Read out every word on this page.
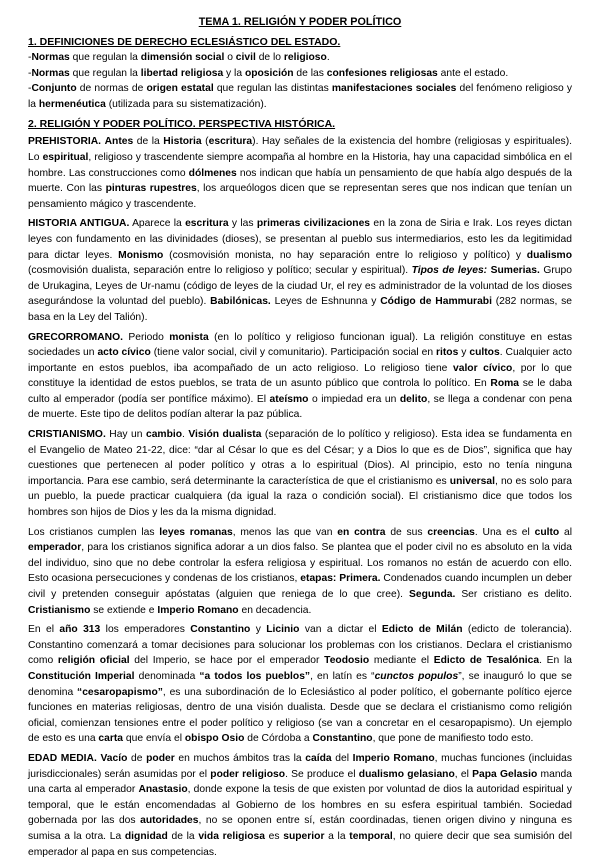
TEMA 1. RELIGIÓN Y PODER POLÍTICO
1. DEFINICIONES DE DERECHO ECLESIÁSTICO DEL ESTADO.
-Normas que regulan la dimensión social o civil de lo religioso.
-Normas que regulan la libertad religiosa y la oposición de las confesiones religiosas ante el estado.
-Conjunto de normas de origen estatal que regulan las distintas manifestaciones sociales del fenómeno religioso y la hermenéutica (utilizada para su sistematización).
2. RELIGIÓN Y PODER POLÍTICO. PERSPECTIVA HISTÓRICA.

PREHISTORIA. Antes de la Historia (escritura). Hay señales de la existencia del hombre (religiosas y espirituales). Lo espiritual, religioso y trascendente siempre acompaña al hombre en la Historia, hay una capacidad simbólica en el hombre. Las construcciones como dólmenes nos indican que había un pensamiento de que había algo después de la muerte. Con las pinturas rupestres, los arqueólogos dicen que se representan seres que nos indican que tenían un pensamiento mágico y trascendente.

HISTORIA ANTIGUA. Aparece la escritura y las primeras civilizaciones en la zona de Siria e Irak. Los reyes dictan leyes con fundamento en las divinidades (dioses), se presentan al pueblo sus intermediarios, esto les da legitimidad para dictar leyes. Monismo (cosmovisión monista, no hay separación entre lo religioso y político) y dualismo (cosmovisión dualista, separación entre lo religioso y político; secular y espiritual). Tipos de leyes: Sumerias. Grupo de Urukagina, Leyes de Ur-namu (código de leyes de la ciudad Ur, el rey es administrador de la voluntad de los dioses asegurándose la voluntad del pueblo). Babilónicas. Leyes de Eshnunna y Código de Hammurabi (282 normas, se basa en la Ley del Talión).

GRECORROMANO. Periodo monista (en lo político y religioso funcionan igual). La religión constituye en estas sociedades un acto cívico (tiene valor social, civil y comunitario). Participación social en ritos y cultos. Cualquier acto importante en estos pueblos, iba acompañado de un acto religioso. Lo religioso tiene valor cívico, por lo que constituye la identidad de estos pueblos, se trata de un asunto público que controla lo político. En Roma se le daba culto al emperador (podía ser pontífice máximo). El ateísmo o impiedad era un delito, se llega a condenar con pena de muerte. Este tipo de delitos podían alterar la paz pública.

CRISTIANISMO. Hay un cambio. Visión dualista (separación de lo político y religioso). Esta idea se fundamenta en el Evangelio de Mateo 21-22, dice: “dar al César lo que es del César; y a Dios lo que es de Dios”, significa que hay cuestiones que pertenecen al poder político y otras a lo espiritual (Dios). Al principio, esto no tenía ninguna importancia. Para ese cambio, será determinante la característica de que el cristianismo es universal, no es solo para un pueblo, la puede practicar cualquiera (da igual la raza o condición social). El cristianismo dice que todos los hombres son hijos de Dios y les da la misma dignidad.

Los cristianos cumplen las leyes romanas, menos las que van en contra de sus creencias. Una es el culto al emperador, para los cristianos significa adorar a un dios falso. Se plantea que el poder civil no es absoluto en la vida del individuo, sino que no debe controlar la esfera religiosa y espiritual. Los romanos no están de acuerdo con ello. Esto ocasiona persecuciones y condenas de los cristianos, etapas: Primera. Condenados cuando incumplen un deber civil y pretenden conseguir apóstatas (alguien que reniega de lo que cree). Segunda. Ser cristiano es delito. Cristianismo se extiende e Imperio Romano en decadencia.

En el año 313 los emperadores Constantino y Licinio van a dictar el Edicto de Milán (edicto de tolerancia). Constantino comenzará a tomar decisiones para solucionar los problemas con los cristianos. Declara el cristianismo como religión oficial del Imperio, se hace por el emperador Teodosio mediante el Edicto de Tesalónica. En la Constitución Imperial denominada “a todos los pueblos”, en latín es “cunctos populos”, se inauguró lo que se denomina “cesaropapismo”, es una subordinación de lo Eclesiástico al poder político, el gobernante político ejerce funciones en materias religiosas, dentro de una visión dualista. Desde que se declara el cristianismo como religión oficial, comienzan tensiones entre el poder político y religioso (se van a concretar en el cesaropapismo). Un ejemplo de esto es una carta que envía el obispo Osio de Córdoba a Constantino, que pone de manifiesto todo esto.

EDAD MEDIA. Vacío de poder en muchos ámbitos tras la caída del Imperio Romano, muchas funciones (incluidas jurisdiccionales) serán asumidas por el poder religioso. Se produce el dualismo gelasiano, el Papa Gelasio manda una carta al emperador Anastasio, donde expone la tesis de que existen por voluntad de dios la autoridad espiritual y temporal, que le están encomendadas al Gobierno de los hombres en su esfera espiritual también. Sociedad gobernada por las dos autoridades, no se oponen entre sí, están coordinadas, tienen origen divino y ninguna es sumisa a la otra. La dignidad de la vida religiosa es superior a la temporal, no quiere decir que sea sumisión del emperador al papa en sus competencias.
